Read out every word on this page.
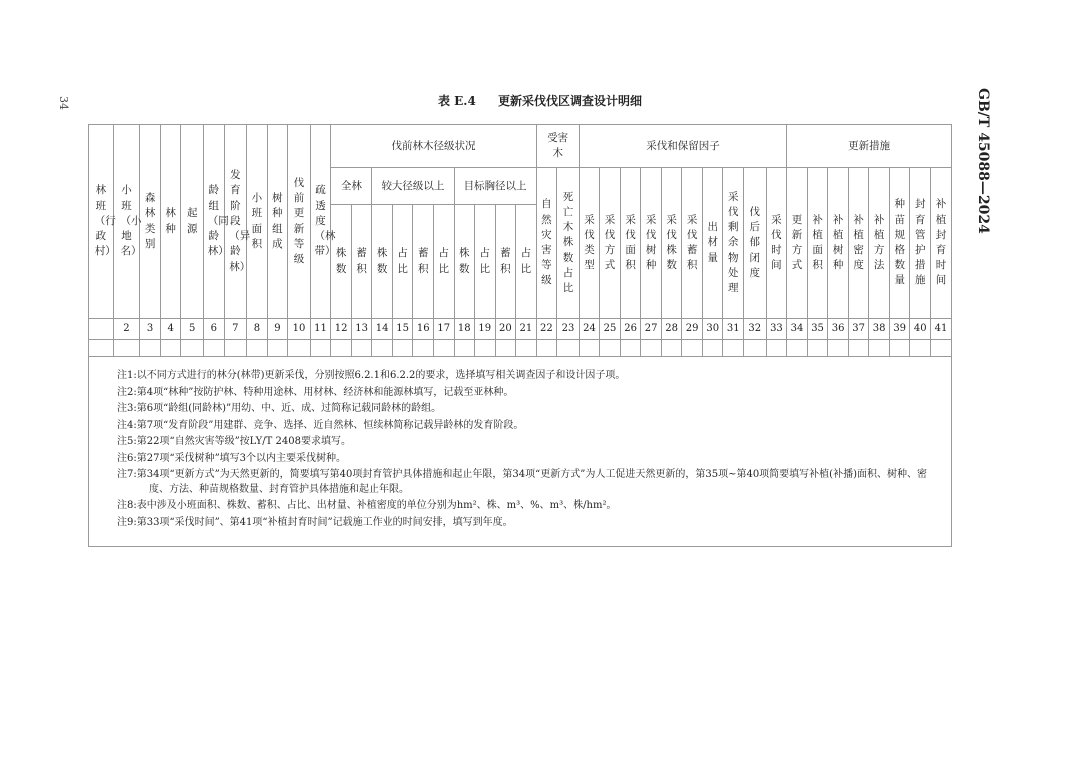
34	GB/T 45088—2024
表 E.4 更新采伐伐区调查设计明细
林班（行政村）	小班（小地名）	森林类别	林种	起源	龄组（同龄林）	发育阶段（异龄林）	小班面积	树种组成	伐前更新等级	疏透度（林带）	伐前林木径级状况										受害木		采伐和保留因子										更新措施							
											全林		较大径级以上				目标胸径以上				自然灾害等级	死亡木株数占比	采伐类型	采伐方式	采伐面积	采伐树种	采伐株数	采伐蓄积	出材量	采伐剩余物处理	伐后郁闭度	采伐时间	更新方式	补植面积	补植树种	补植密度	补植方法	种苗规格数量	封育管护措施	补植封育时间
											株数	蓄积	株数	占比	蓄积	占比	株数	占比	蓄积	占比																				
	2	3	4	5	6	7	8	9	10	11	12	13	14	15	16	17	18	19	20	21	22	23	24	25	26	27	28	29	30	31	32	33	34	35	36	37	38	39	40	41

注1:以不同方式进行的林分(林带)更新采伐，分别按照6.2.1和6.2.2的要求，选择填写相关调查因子和设计因子项。

注2:第4项“林种”按防护林、特种用途林、用材林、经济林和能源林填写，记载至亚林种。

注3:第6项“龄组(同龄林)”用幼、中、近、成、过简称记载同龄林的龄组。

注4:第7项“发育阶段”用建群、竞争、选择、近自然林、恒续林简称记载异龄林的发育阶段。

注5:第22项“自然灾害等级”按LY/T 2408要求填写。

注6:第27项“采伐树种”填写3个以内主要采伐树种。

注7:第34项“更新方式”为天然更新的，简要填写第40项封育管护具体措施和起止年限，第34项“更新方式”为人工促进天然更新的，第35项~第40项简要填写补植(补播)面积、树种、密度、方法、种苗规格数量、封育管护具体措施和起止年限。

注8:表中涉及小班面积、株数、蓄积、占比、出材量、补植密度的单位分别为hm²、株、m³、%、m³、株/hm²。

注9:第33项“采伐时间”、第41项“补植封育时间”记载施工作业的时间安排，填写到年度。
